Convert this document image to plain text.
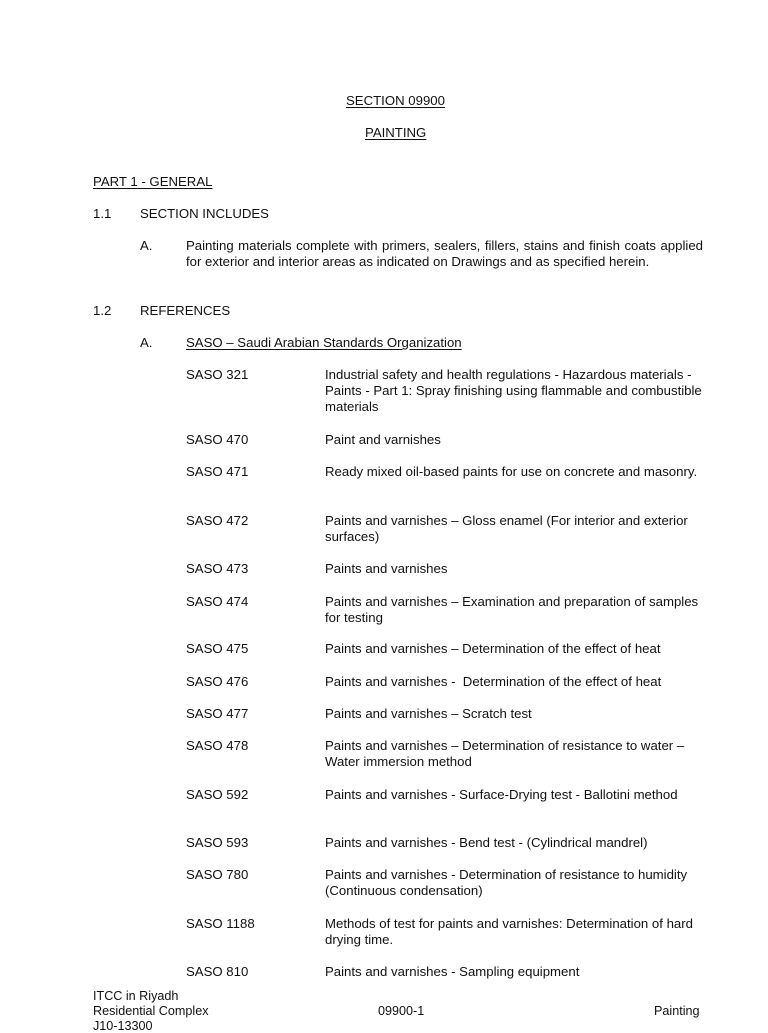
SECTION 09900
PAINTING
PART 1 - GENERAL
1.1 SECTION INCLUDES
A.	Painting materials complete with primers, sealers, fillers, stains and finish coats applied for exterior and interior areas as indicated on Drawings and as specified herein.
1.2 REFERENCES
A.	SASO – Saudi Arabian Standards Organization
SASO 321	Industrial safety and health regulations - Hazardous materials - Paints - Part 1: Spray finishing using flammable and combustible materials
SASO 470	Paint and varnishes
SASO 471	Ready mixed oil-based paints for use on concrete and masonry.
SASO 472	Paints and varnishes – Gloss enamel (For interior and exterior surfaces)
SASO 473	Paints and varnishes
SASO 474	Paints and varnishes – Examination and preparation of samples for testing
SASO 475	Paints and varnishes – Determination of the effect of heat
SASO 476	Paints and varnishes -  Determination of the effect of heat
SASO 477	Paints and varnishes – Scratch test
SASO 478	Paints and varnishes – Determination of resistance to water – Water immersion method
SASO 592	Paints and varnishes - Surface-Drying test - Ballotini method
SASO 593	Paints and varnishes - Bend test - (Cylindrical mandrel)
SASO 780	Paints and varnishes - Determination of resistance to humidity (Continuous condensation)
SASO 1188	Methods of test for paints and varnishes: Determination of hard drying time.
SASO 810	Paints and varnishes - Sampling equipment
ITCC in Riyadh
Residential Complex
J10-13300
09900-1	Painting
